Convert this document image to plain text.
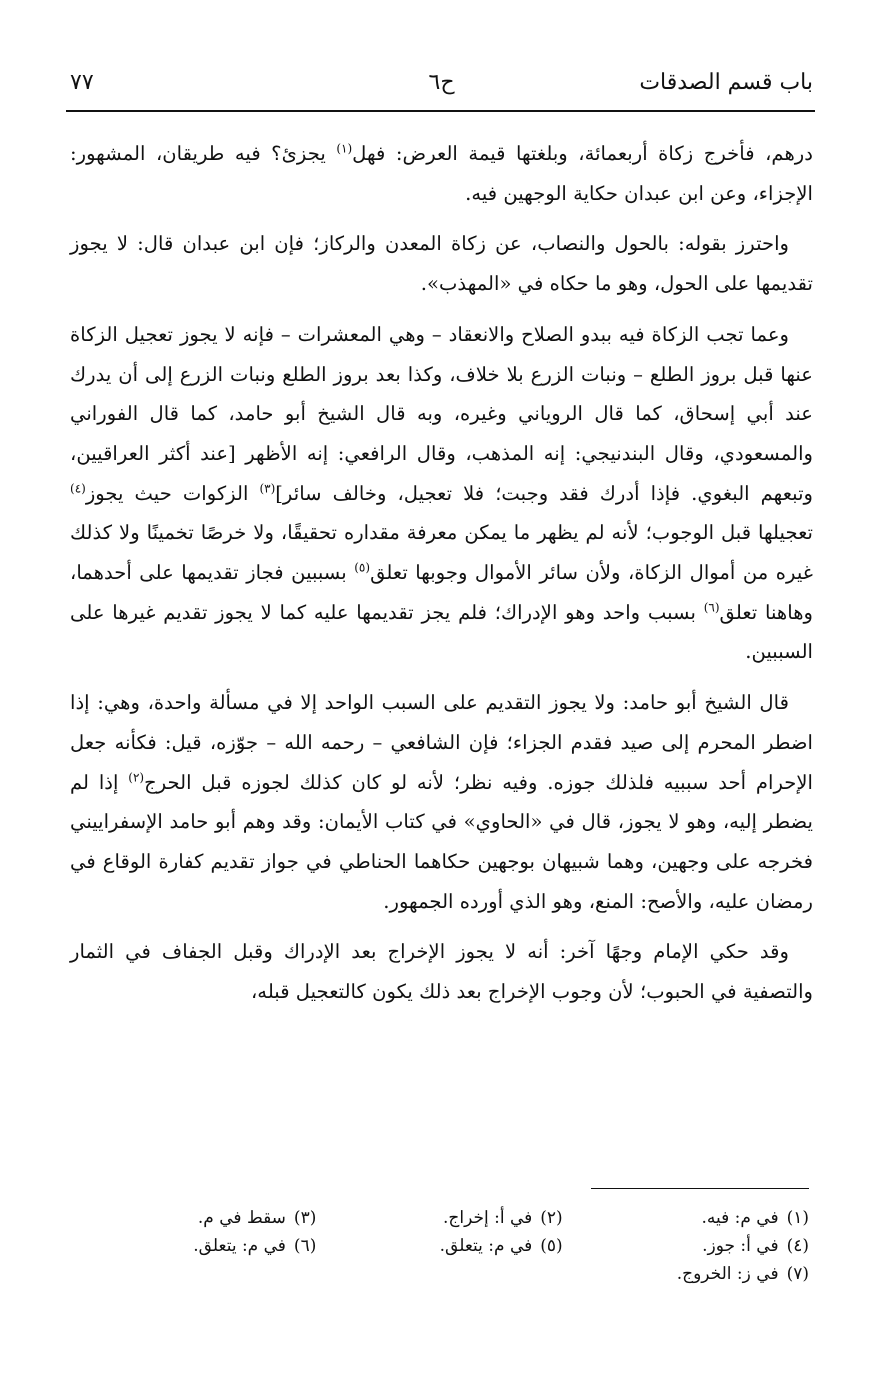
باب قسم الصدقات
ح٦
٧٧

درهم، فأخرج زكاة أربعمائة، وبلغتها قيمة العرض: فهل$^{(١)}$ يجزئ؟ فيه طريقان، المشهور: الإجزاء، وعن ابن عبدان حكاية الوجهين فيه.

واحترز بقوله: بالحول والنصاب، عن زكاة المعدن والركاز؛ فإن ابن عبدان قال: لا يجوز تقديمها على الحول، وهو ما حكاه في «المهذب».

وعما تجب الزكاة فيه ببدو الصلاح والانعقاد – وهي المعشرات – فإنه لا يجوز تعجيل الزكاة عنها قبل بروز الطلع – ونبات الزرع بلا خلاف، وكذا بعد بروز الطلع ونبات الزرع إلى أن يدرك عند أبي إسحاق، كما قال الروياني وغيره، وبه قال الشيخ أبو حامد، كما قال الفوراني والمسعودي، وقال البندنيجي: إنه المذهب، وقال الرافعي: إنه الأظهر [عند أكثر العراقيين، وتبعهم البغوي. فإذا أدرك فقد وجبت؛ فلا تعجيل، وخالف سائر]$^{(٣)}$ الزكوات حيث يجوز$^{(٤)}$ تعجيلها قبل الوجوب؛ لأنه لم يظهر ما يمكن معرفة مقداره تحقيقًا، ولا خرصًا تخمينًا ولا كذلك غيره من أموال الزكاة، ولأن سائر الأموال وجوبها تعلق$^{(٥)}$ بسببين فجاز تقديمها على أحدهما، وهاهنا تعلق$^{(٦)}$ بسبب واحد وهو الإدراك؛ فلم يجز تقديمها عليه كما لا يجوز تقديم غيرها على السببين.

قال الشيخ أبو حامد: ولا يجوز التقديم على السبب الواحد إلا في مسألة واحدة، وهي: إذا اضطر المحرم إلى صيد فقدم الجزاء؛ فإن الشافعي – رحمه الله – جوّزه، قيل: فكأنه جعل الإحرام أحد سببيه فلذلك جوزه. وفيه نظر؛ لأنه لو كان كذلك لجوزه قبل الحرج$^{(٢)}$ إذا لم يضطر إليه، وهو لا يجوز، قال في «الحاوي» في كتاب الأيمان: وقد وهم أبو حامد الإسفراييني فخرجه على وجهين، وهما شبيهان بوجهين حكاهما الحناطي في جواز تقديم كفارة الوقاع في رمضان عليه، والأصح: المنع، وهو الذي أورده الجمهور.

وقد حكي الإمام وجهًا آخر: أنه لا يجوز الإخراج بعد الإدراك وقبل الجفاف في الثمار والتصفية في الحبوب؛ لأن وجوب الإخراج بعد ذلك يكون كالتعجيل قبله،

(١)في م: فيه.
(٢)في أ: إخراج.
(٣)سقط في م.
(٤)في أ: جوز.
(٥)في م: يتعلق.
(٦)في م: يتعلق.
(٧)في ز: الخروج.
